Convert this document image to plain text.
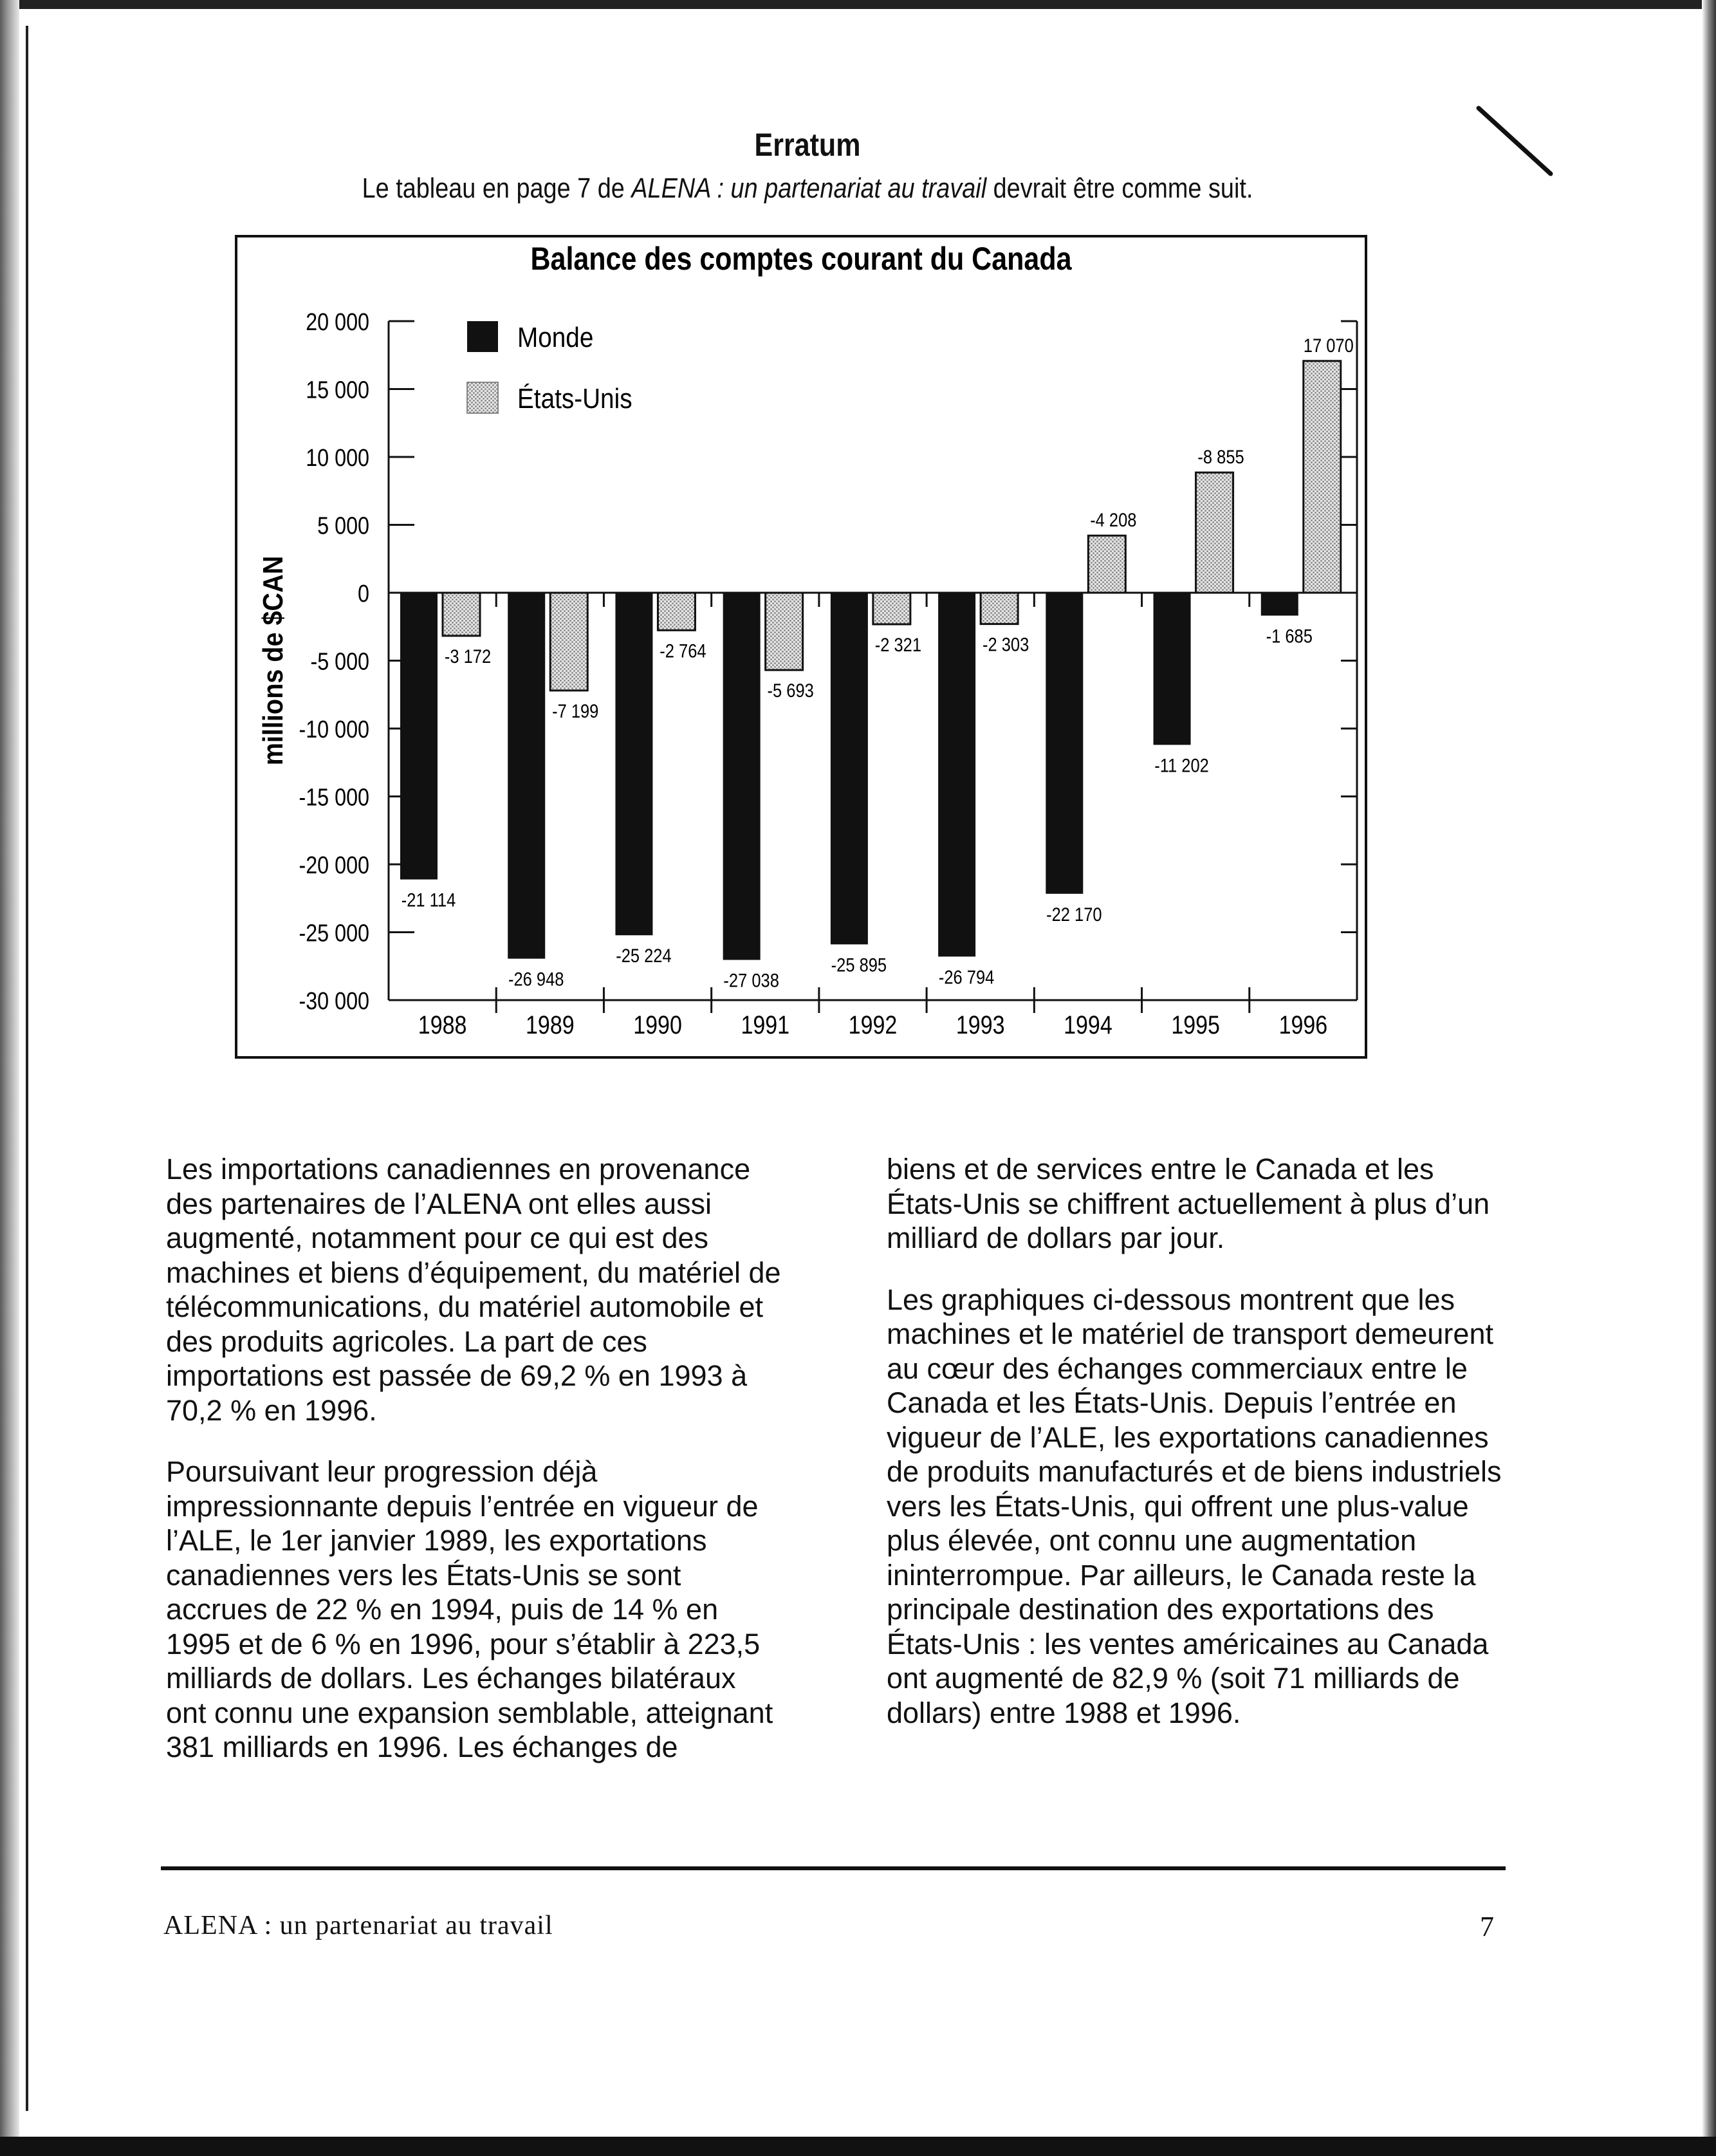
Erratum
Le tableau en page 7 de ALENA : un partenariat au travail devrait être comme suit.
Balance des comptes courant du Canada
millions de $CAN
20 000
15 000
10 000
5 000
0
-5 000
-10 000
-15 000
-20 000
-25 000
-30 000
1988 1989 1990 1991 1992 1993 1994 1995 1996
-21 114
-26 948
-25 224
-27 038
-25 895
-26 794
-22 170
-11 202
-1 685
-3 172
-7 199
-2 764
-5 693
-2 321	-2 303
-4 208
-8 855
17 070
Monde
États-Unis

Les importations canadiennes en provenance des partenaires de l’ALENA ont elles aussi augmenté, notamment pour ce qui est des machines et biens d’équipement, du matériel de télécommunications, du matériel automobile et des produits agricoles. La part de ces importations est passée de 69,2 % en 1993 à 70,2 % en 1996.

Poursuivant leur progression déjà impressionnante depuis l’entrée en vigueur de l’ALE, le 1er janvier 1989, les exportations canadiennes vers les États-Unis se sont accrues de 22 % en 1994, puis de 14 % en 1995 et de 6 % en 1996, pour s’établir à 223,5 milliards de dollars. Les échanges bilatéraux ont connu une expansion semblable, atteignant 381 milliards en 1996. Les échanges de

biens et de services entre le Canada et les États-Unis se chiffrent actuellement à plus d’un milliard de dollars par jour.

Les graphiques ci-dessous montrent que les machines et le matériel de transport demeurent au cœur des échanges commerciaux entre le Canada et les États-Unis. Depuis l’entrée en vigueur de l’ALE, les exportations canadiennes de produits manufacturés et de biens industriels vers les États-Unis, qui offrent une plus-value plus élevée, ont connu une augmentation ininterrompue. Par ailleurs, le Canada reste la principale destination des exportations des États-Unis : les ventes américaines au Canada ont augmenté de 82,9 % (soit 71 milliards de dollars) entre 1988 et 1996.

ALENA : un partenariat au travail	7
